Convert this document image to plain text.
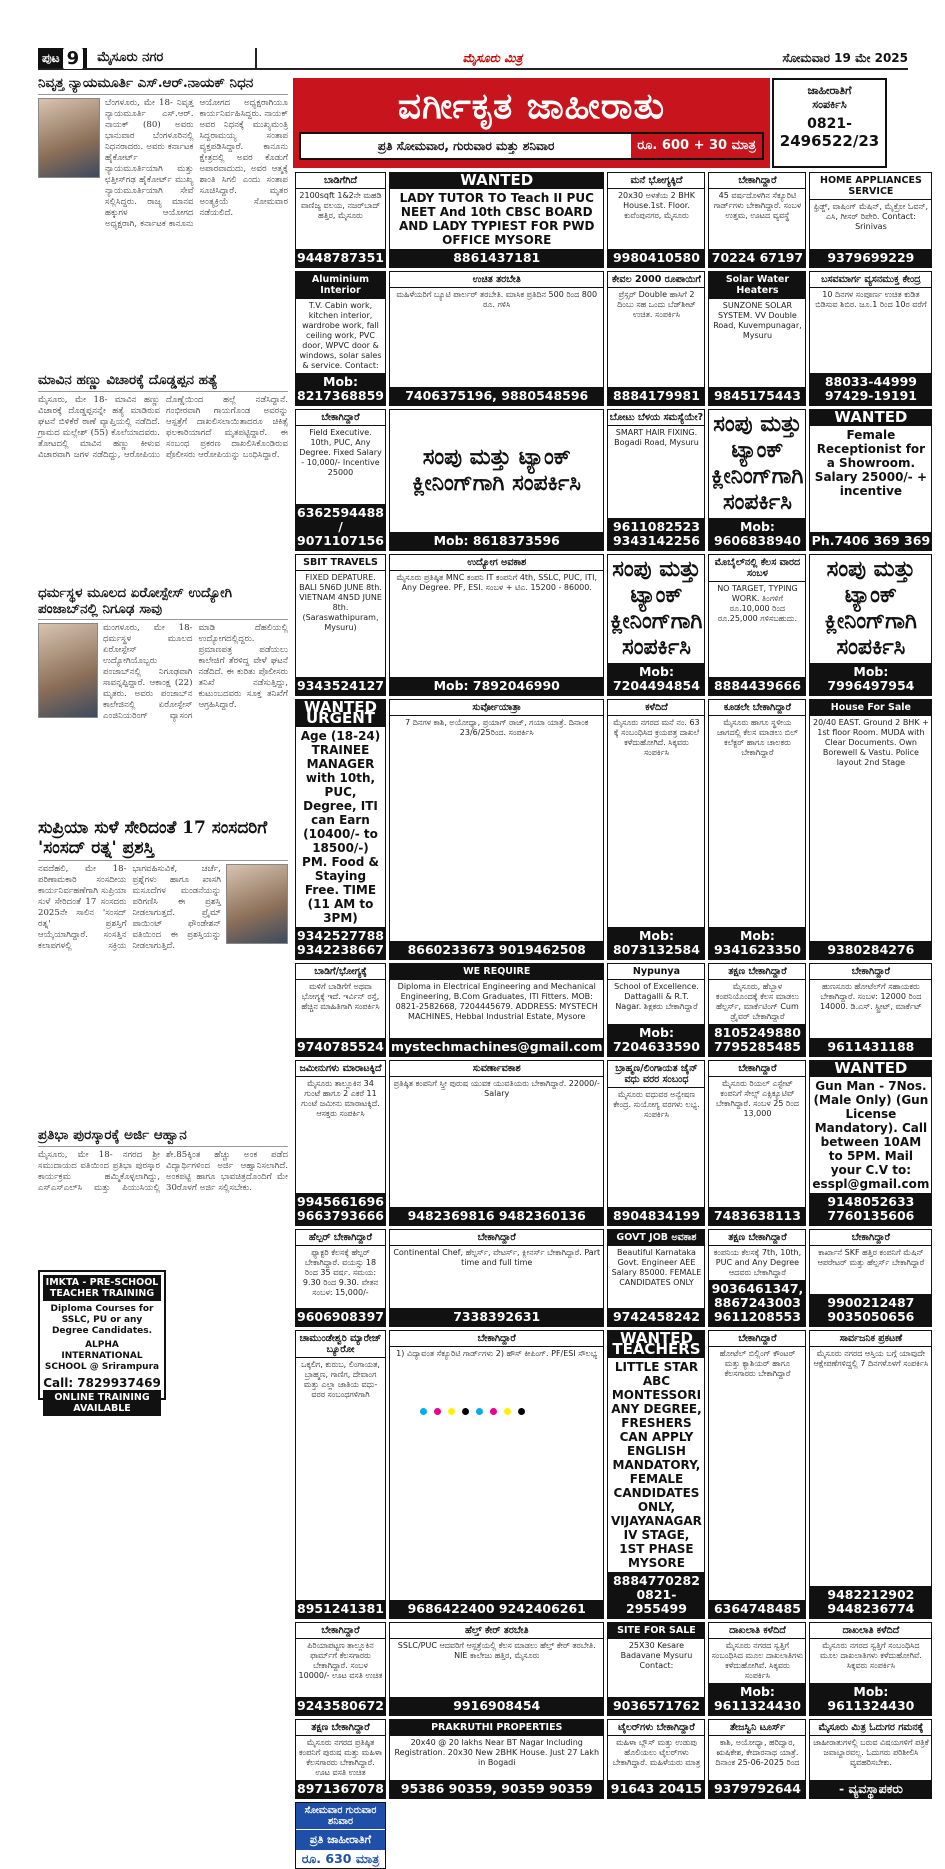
ಪುಟ 9	ಮೈಸೂರು ನಗರ	ಮೈಸೂರು ಮಿತ್ರ	ಸೋಮವಾರ 19 ಮೇ 2025
ನಿವೃತ್ತ ನ್ಯಾಯಮೂರ್ತಿ ಎಸ್.ಆರ್.ನಾಯಕ್ ನಿಧನ

ಬೆಂಗಳೂರು, ಮೇ 18- ನಿವೃತ್ತ ನ್ಯಾಯಮೂರ್ತಿ ಎಸ್.ಆರ್. ನಾಯಕ್ (80) ಅವರು ಭಾನುವಾರ ಬೆಂಗಳೂರಿನಲ್ಲಿ ನಿಧನರಾದರು. ಅವರು ಕರ್ನಾಟಕ ಹೈಕೋರ್ಟ್ ನ್ಯಾಯಮೂರ್ತಿಯಾಗಿ ಮತ್ತು ಛತ್ತೀಸ್‌ಗಢ ಹೈಕೋರ್ಟ್ ಮುಖ್ಯ ನ್ಯಾಯಮೂರ್ತಿಯಾಗಿ ಸೇವೆ ಸಲ್ಲಿಸಿದ್ದರು. ರಾಜ್ಯ ಮಾನವ ಹಕ್ಕುಗಳ ಆಯೋಗದ ಅಧ್ಯಕ್ಷರಾಗಿ, ಕರ್ನಾಟಕ ಕಾನೂನು ಆಯೋಗದ ಅಧ್ಯಕ್ಷರಾಗಿಯೂ ಕಾರ್ಯನಿರ್ವಹಿಸಿದ್ದರು. ನಾಯಕ್ ಅವರ ನಿಧನಕ್ಕೆ ಮುಖ್ಯಮಂತ್ರಿ ಸಿದ್ದರಾಮಯ್ಯ ಸಂತಾಪ ವ್ಯಕ್ತಪಡಿಸಿದ್ದಾರೆ. ಕಾನೂನು ಕ್ಷೇತ್ರದಲ್ಲಿ ಅವರ ಕೊಡುಗೆ ಅಪಾರವಾದುದು, ಅವರ ಆತ್ಮಕ್ಕೆ ಶಾಂತಿ ಸಿಗಲಿ ಎಂದು ಸಂತಾಪ ಸೂಚಿಸಿದ್ದಾರೆ. ಮೃತರ ಅಂತ್ಯಕ್ರಿಯೆ ಸೋಮವಾರ ನಡೆಯಲಿದೆ.

ಮಾವಿನ ಹಣ್ಣು ವಿಚಾರಕ್ಕೆ ದೊಡ್ಡಪ್ಪನ ಹತ್ಯೆ

ಮೈಸೂರು, ಮೇ 18- ಮಾವಿನ ಹಣ್ಣು ವಿಚಾರಕ್ಕೆ ದೊಡ್ಡಪ್ಪನನ್ನೇ ಹತ್ಯೆ ಮಾಡಿರುವ ಘಟನೆ ಬಿಳಿಕೆರೆ ಠಾಣೆ ವ್ಯಾಪ್ತಿಯಲ್ಲಿ ನಡೆದಿದೆ. ಗ್ರಾಮದ ಮಲ್ಲೇಶ್ (55) ಕೊಲೆಯಾದವರು. ತೋಟದಲ್ಲಿ ಮಾವಿನ ಹಣ್ಣು ಕೀಳುವ ವಿಚಾರವಾಗಿ ಜಗಳ ನಡೆದಿದ್ದು, ಆರೋಪಿಯು ದೊಣ್ಣೆಯಿಂದ ಹಲ್ಲೆ ನಡೆಸಿದ್ದಾನೆ. ಗಂಭೀರವಾಗಿ ಗಾಯಗೊಂಡ ಅವರನ್ನು ಆಸ್ಪತ್ರೆಗೆ ದಾಖಲಿಸಲಾಯಿತಾದರೂ ಚಿಕಿತ್ಸೆ ಫಲಕಾರಿಯಾಗದೆ ಮೃತಪಟ್ಟಿದ್ದಾರೆ. ಈ ಸಂಬಂಧ ಪ್ರಕರಣ ದಾಖಲಿಸಿಕೊಂಡಿರುವ ಪೊಲೀಸರು ಆರೋಪಿಯನ್ನು ಬಂಧಿಸಿದ್ದಾರೆ.

ಧರ್ಮಸ್ಥಳ ಮೂಲದ ಏರೋಸ್ಪೇಸ್ ಉದ್ಯೋಗಿ ಪಂಜಾಬ್‌ನಲ್ಲಿ ನಿಗೂಢ ಸಾವು

ಮಂಗಳೂರು, ಮೇ 18- ಧರ್ಮಸ್ಥಳ ಮೂಲದ ಏರೋಸ್ಪೇಸ್ ಉದ್ಯೋಗಿಯೊಬ್ಬರು ಪಂಜಾಬ್‌ನಲ್ಲಿ ನಿಗೂಢವಾಗಿ ಸಾವನ್ನಪ್ಪಿದ್ದಾರೆ. ಆಕಾಂಕ್ಷ (22) ಮೃತರು. ಅವರು ಪಂಜಾಬ್‌ನ ಕಾಲೇಜಿನಲ್ಲಿ ಏರೋಸ್ಪೇಸ್ ಎಂಜಿನಿಯರಿಂಗ್ ವ್ಯಾಸಂಗ ಮಾಡಿ ದೆಹಲಿಯಲ್ಲಿ ಉದ್ಯೋಗದಲ್ಲಿದ್ದರು. ಪ್ರಮಾಣಪತ್ರ ಪಡೆಯಲು ಕಾಲೇಜಿಗೆ ತೆರಳಿದ್ದ ವೇಳೆ ಘಟನೆ ನಡೆದಿದೆ. ಈ ಕುರಿತು ಪೊಲೀಸರು ತನಿಖೆ ನಡೆಸುತ್ತಿದ್ದು, ಕುಟುಂಬದವರು ಸೂಕ್ತ ತನಿಖೆಗೆ ಆಗ್ರಹಿಸಿದ್ದಾರೆ.

ಸುಪ್ರಿಯಾ ಸುಳೆ ಸೇರಿದಂತೆ 17 ಸಂಸದರಿಗೆ 'ಸಂಸದ್ ರತ್ನ' ಪ್ರಶಸ್ತಿ

ನವದೆಹಲಿ, ಮೇ 18- ಪರಿಣಾಮಕಾರಿ ಸಂಸದೀಯ ಕಾರ್ಯನಿರ್ವಹಣೆಗಾಗಿ ಸುಪ್ರಿಯಾ ಸುಳೆ ಸೇರಿದಂತೆ 17 ಸಂಸದರು 2025ನೇ ಸಾಲಿನ 'ಸಂಸದ್ ರತ್ನ' ಪ್ರಶಸ್ತಿಗೆ ಆಯ್ಕೆಯಾಗಿದ್ದಾರೆ. ಸಂಸತ್ತಿನ ಕಲಾಪಗಳಲ್ಲಿ ಸಕ್ರಿಯ ಭಾಗವಹಿಸುವಿಕೆ, ಚರ್ಚೆ, ಪ್ರಶ್ನೆಗಳು ಹಾಗೂ ಖಾಸಗಿ ಮಸೂದೆಗಳ ಮಂಡನೆಯನ್ನು ಪರಿಗಣಿಸಿ ಈ ಪ್ರಶಸ್ತಿ ನೀಡಲಾಗುತ್ತದೆ. ಪ್ರೈಮ್ ಪಾಯಿಂಟ್ ಫೌಂಡೇಶನ್ ವತಿಯಿಂದ ಈ ಪ್ರಶಸ್ತಿಯನ್ನು ನೀಡಲಾಗುತ್ತಿದೆ.

ಪ್ರತಿಭಾ ಪುರಸ್ಕಾರಕ್ಕೆ ಅರ್ಜಿ ಆಹ್ವಾನ

ಮೈಸೂರು, ಮೇ 18- ನಗರದ ಶ್ರೀ ಸಮುದಾಯದ ವತಿಯಿಂದ ಪ್ರತಿಭಾ ಪುರಸ್ಕಾರ ಕಾರ್ಯಕ್ರಮ ಹಮ್ಮಿಕೊಳ್ಳಲಾಗಿದ್ದು, ಎಸ್‌ಎಸ್‌ಎಲ್‌ಸಿ ಮತ್ತು ಪಿಯುಸಿಯಲ್ಲಿ ಶೇ.85ಕ್ಕಿಂತ ಹೆಚ್ಚು ಅಂಕ ಪಡೆದ ವಿದ್ಯಾರ್ಥಿಗಳಿಂದ ಅರ್ಜಿ ಆಹ್ವಾನಿಸಲಾಗಿದೆ. ಅಂಕಪಟ್ಟಿ ಹಾಗೂ ಭಾವಚಿತ್ರದೊಂದಿಗೆ ಮೇ 30ರೊಳಗೆ ಅರ್ಜಿ ಸಲ್ಲಿಸಬೇಕು.

IMKTA - PRE-SCHOOL TEACHER TRAINING
Diploma Courses for SSLC, PU or any Degree Candidates.
ALPHA INTERNATIONAL SCHOOL @ Srirampura
Call: 7829937469
ONLINE TRAINING AVAILABLE
ವರ್ಗೀಕೃತ ಜಾಹೀರಾತು
ಪ್ರತಿ ಸೋಮವಾರ, ಗುರುವಾರ ಮತ್ತು ಶನಿವಾರ	ರೂ. 600 + 30 ಮಾತ್ರ
ಜಾಹೀರಾತಿಗೆ
ಸಂಪರ್ಕಿಸಿ
0821-
2496522/23
ಬಾಡಿಗೆಗಿದೆ
2100sqft 1&2ನೇ ಮಹಡಿ ವಾಣಿಜ್ಯ ವಲಯ, ನಜರ್‌ಬಾದ್ ಹತ್ತಿರ, ಮೈಸೂರು
9448787351
WANTED
LADY TUTOR TO Teach II PUC NEET And 10th CBSC BOARD AND LADY TYPIEST FOR PWD OFFICE MYSORE
8861437181
ಮನೆ ಭೋಗ್ಯಕ್ಕಿದೆ
20x30 ಅಳತೆಯ 2 BHK House.1st. Floor. ಕುವೆಂಪುನಗರ, ಮೈಸೂರು
9980410580
ಬೇಕಾಗಿದ್ದಾರೆ
45 ವರ್ಷದೊಳಗಿನ ಸೆಕ್ಯೂರಿಟಿ ಗಾರ್ಡ್‌ಗಳು ಬೇಕಾಗಿದ್ದಾರೆ. ಸಂಬಳ ಉತ್ತಮ, ಊಟದ ವ್ಯವಸ್ಥೆ
70224 67197
HOME APPLIANCES SERVICE
ಫ್ರಿಡ್ಜ್, ವಾಷಿಂಗ್ ಮೆಷಿನ್, ಮೈಕ್ರೋ ಓವನ್, ಎಸಿ, ಗೀಸರ್ ರಿಪೇರಿ. Contact: Srinivas
9379699229
Aluminium Interior
T.V. Cabin work, kitchen interior, wardrobe work, fall ceiling work, PVC door, WPVC door & windows, solar sales & service. Contact:
Mob: 8217368859
ಉಚಿತ ತರಬೇತಿ
ಮಹಿಳೆಯರಿಗೆ ಬ್ಯೂಟಿ ಪಾರ್ಲರ್ ತರಬೇತಿ. ಮಾಸಿಕ ಪ್ರತಿದಿನ 500 ರಿಂದ 800 ರೂ. ಗಳಿಸಿ
7406375196, 9880548596
ಕೇವಲ 2000 ರೂಪಾಯಿಗೆ
ಪ್ರೆಸ್ಸರ್ Double ಹಾಸಿಗೆ 2 ದಿಂಬು ಸಹ ಒಂದು ಬೆಡ್‌ಶೀಟ್ ಉಚಿತ. ಸಂಪರ್ಕಿಸಿ
8884179981
Solar Water Heaters
SUNZONE SOLAR SYSTEM. VV Double Road, Kuvempunagar, Mysuru
9845175443
ಬಸವಮಾರ್ಗ ವ್ಯಸನಮುಕ್ತ ಕೇಂದ್ರ
10 ದಿನಗಳ ಸಂಪೂರ್ಣ ಉಚಿತ ಕುಡಿತ ಬಿಡಿಸುವ ಶಿಬಿರ. ಜೂ.1 ರಿಂದ 10ರ ವರೆಗೆ
88033-44999 97429-19191
ಬೇಕಾಗಿದ್ದಾರೆ
Field Executive. 10th, PUC, Any Degree. Fixed Salary - 10,000/- Incentive 25000
6362594488 / 9071107156
ಸಂಪು ಮತ್ತು ಟ್ಯಾಂಕ್ ಕ್ಲೀನಿಂಗ್‌ಗಾಗಿ ಸಂಪರ್ಕಿಸಿ
Mob: 8618373596
ಬೋಟು ಬೆಳಯ ಸಮಸ್ಯೆಯೇ?
SMART HAIR FIXING. Bogadi Road, Mysuru
9611082523 9343142256
ಸಂಪು ಮತ್ತು ಟ್ಯಾಂಕ್ ಕ್ಲೀನಿಂಗ್‌ಗಾಗಿ ಸಂಪರ್ಕಿಸಿ
Mob: 9606838940
WANTED
Female Receptionist for a Showroom. Salary 25000/- + incentive
Ph.7406 369 369
SBIT TRAVELS
FIXED DEPATURE. BALI 5N6D JUNE 8th. VIETNAM 4N5D JUNE 8th. (Saraswathipuram, Mysuru)
9343524127
ಉದ್ಯೋಗ ಅವಕಾಶ
ಮೈಸೂರು ಪ್ರತಿಷ್ಠಿತ MNC ಕಂಪನಿ IT ಕಂಪನಿಗೆ 4th, SSLC, PUC, ITI, Any Degree. PF, ESI. ಸಂಬಳ + ಟಿಎ. 15200 - 86000.
Mob: 7892046990
ಸಂಪು ಮತ್ತು ಟ್ಯಾಂಕ್ ಕ್ಲೀನಿಂಗ್‌ಗಾಗಿ ಸಂಪರ್ಕಿಸಿ
Mob: 7204494854
ಮೊಬೈಲ್‌ನಲ್ಲಿ ಕೆಲಸ ವಾರದ ಸಂಬಳ
NO TARGET, TYPING WORK. ತಿಂಗಳಿಗೆ ರೂ.10,000 ರಿಂದ ರೂ.25,000 ಗಳಿಸಬಹುದು.
8884439666
ಸಂಪು ಮತ್ತು ಟ್ಯಾಂಕ್ ಕ್ಲೀನಿಂಗ್‌ಗಾಗಿ ಸಂಪರ್ಕಿಸಿ
Mob: 7996497954
WANTED URGENT
Age (18-24) TRAINEE MANAGER with 10th, PUC, Degree, ITI can Earn (10400/- to 18500/-) PM. Food & Staying Free. TIME (11 AM to 3PM)
9342527788 9342238667
ಸುರ್ವೋಯಾತ್ರಾ
7 ದಿನಗಳ ಕಾಶಿ, ಅಯೋಧ್ಯಾ, ಪ್ರಯಾಗ್ ರಾಜ್, ಗಯಾ ಯಾತ್ರೆ. ದಿನಾಂಕ 23/6/25ರಿಂದ. ಸಂಪರ್ಕಿಸಿ
8660233673 9019462508
ಕಳೆದಿದೆ
ಮೈಸೂರು ನಗರದ ಮನೆ ನಂ. 63 ಕ್ಕೆ ಸಂಬಂಧಿಸಿದ ಕ್ರಯಪತ್ರ ದಾಖಲೆ ಕಳೆದುಹೋಗಿದೆ. ಸಿಕ್ಕವರು ಸಂಪರ್ಕಿಸಿ
Mob: 8073132584
ಕೂಡಲೇ ಬೇಕಾಗಿದ್ದಾರೆ
ಮೈಸೂರು ಹಾಗೂ ಸ್ಥಳೀಯ ಜಾಗದಲ್ಲಿ ಕೆಲಸ ಮಾಡಲು ಬಿಲ್ ಕಲೆಕ್ಟರ್ ಹಾಗೂ ಚಾಲಕರು ಬೇಕಾಗಿದ್ದಾರೆ
Mob: 9341623350
House For Sale
20/40 EAST. Ground 2 BHK + 1st floor Room. MUDA with Clear Documents. Own Borewell & Vastu. Police layout 2nd Stage
9380284276
ಬಾಡಿಗೆ/ಭೋಗ್ಯಕ್ಕೆ
ಮಳಿಗೆ ಬಾಡಿಗೆಗೆ ಅಥವಾ ಭೋಗ್ಯಕ್ಕೆ ಇದೆ. ಇರ್ವಿನ್ ರಸ್ತೆ, ಹೆಚ್ಚಿನ ಮಾಹಿತಿಗಾಗಿ ಸಂಪರ್ಕಿಸಿ
9740785524
WE REQUIRE
Diploma in Electrical Engineering and Mechanical Engineering, B.Com Graduates, ITI Fitters. MOB: 0821-2582668, 7204445679. ADDRESS: MYSTECH MACHINES, Hebbal Industrial Estate, Mysore
mystechmachines@gmail.com
Nypunya
School of Excellence. Dattagalli & R.T. Nagar. ಶಿಕ್ಷಕರು ಬೇಕಾಗಿದ್ದಾರೆ
Mob: 7204633590
ತಕ್ಷಣ ಬೇಕಾಗಿದ್ದಾರೆ
ಮೈಸೂರು, ಹೆಬ್ಬಾಳ ಕಂಪನಿಯೊಂದಕ್ಕೆ ಕೆಲಸ ಮಾಡಲು ಹೆಲ್ಪರ್ಸ್, ಮಾರ್ಕೆಟಿಂಗ್ Cum ಡ್ರೈವರ್ ಬೇಕಾಗಿದ್ದಾರೆ
8105249880 7795285485
ಬೇಕಾಗಿದ್ದಾರೆ
ಹುಣಸೂರು ಹೋಟೆಲ್‌ಗೆ ಸಹಾಯಕರು ಬೇಕಾಗಿದ್ದಾರೆ. ಸಂಬಳ: 12000 ರಿಂದ 14000. ಡಿ.ಎಸ್. ಸ್ಟ್ರೀಟ್, ಮಾರ್ಕೆಟ್
9611431188
ಜಮೀನುಗಳು ಮಾರಾಟಕ್ಕಿದೆ
ಮೈಸೂರು ತಾಲ್ಲೂಕಿನ 34 ಗುಂಟೆ ಹಾಗೂ 2 ಎಕರೆ 11 ಗುಂಟೆ ಜಮೀನು ಮಾರಾಟಕ್ಕಿದೆ. ಆಸಕ್ತರು ಸಂಪರ್ಕಿಸಿ
9945661696 9663793666
ಸುವರ್ಣಾವಕಾಶ
ಪ್ರತಿಷ್ಠಿತ ಕಂಪನಿಗೆ ಸ್ತ್ರೀ ಪುರುಷ ಯುವಕ ಯುವತಿಯರು ಬೇಕಾಗಿದ್ದಾರೆ. 22000/- Salary
9482369816 9482360136
ಬ್ರಾಹ್ಮಣ/ಲಿಂಗಾಯತ ಜೈನ್ ವಧು ವರರ ಸಂಬಂಧ
ಮೈಸೂರು ವಧುವರ ಅನ್ವೇಷಣ ಕೇಂದ್ರ. ಸುಯೋಗ್ಯ ವರಗಳು ಲಭ್ಯ. ಸಂಪರ್ಕಿಸಿ
8904834199
ಬೇಕಾಗಿದ್ದಾರೆ
ಮೈಸೂರು ರಿಯಲ್ ಎಸ್ಟೇಟ್ ಕಂಪನಿಗೆ ಸೇಲ್ಸ್ ಎಕ್ಸಿಕ್ಯೂಟಿವ್ ಬೇಕಾಗಿದ್ದಾರೆ. ಸಂಬಳ 25 ರಿಂದ 13,000
7483638113
WANTED
Gun Man - 7Nos. (Male Only) (Gun License Mandatory). Call between 10AM to 5PM. Mail your C.V to: esspl@gmail.com
9148052633 7760135606
ಹೆಲ್ಪರ್ ಬೇಕಾಗಿದ್ದಾರೆ
ಫ್ಯಾಕ್ಟರಿ ಕೆಲಸಕ್ಕೆ ಹೆಲ್ಪರ್ ಬೇಕಾಗಿದ್ದಾರೆ. ವಯಸ್ಸು 18 ರಿಂದ 35 ವರ್ಷ. ಸಮಯ: 9.30 ರಿಂದ 9.30. ವೇತನ ಸಂಬಳ: 15,000/-
9606908397
ಬೇಕಾಗಿದ್ದಾರೆ
Continental Chef, ಹೆಲ್ಪರ್ಸ್, ವೇಟರ್ಸ್, ಕ್ಲೀನರ್ಸ್ ಬೇಕಾಗಿದ್ದಾರೆ. Part time and full time
7338392631
GOVT JOB ಅವಕಾಶ
Beautiful Karnataka Govt. Engineer AEE Salary 85000. FEMALE CANDIDATES ONLY
9742458242
ತಕ್ಷಣ ಬೇಕಾಗಿದ್ದಾರೆ
ಕಂಪನಿಯ ಕೆಲಸಕ್ಕೆ 7th, 10th, PUC and Any Degree ಆದವರು ಬೇಕಾಗಿದ್ದಾರೆ
9036461347, 8867243003 9611208553
ಬೇಕಾಗಿದ್ದಾರೆ
ಕಾರ್ಖಾನೆ SKF ಹತ್ತಿರ ಕಂಪನಿಗೆ ಮೆಷಿನ್ ಆಪರೇಟರ್ ಮತ್ತು ಹೆಲ್ಪರ್ಸ್ ಬೇಕಾಗಿದ್ದಾರೆ
9900212487 9035050656
ಚಾಮುಂಡೇಶ್ವರಿ ಮ್ಯಾರೇಜ್ ಬ್ಯೂರೋ
ಒಕ್ಕಲಿಗ, ಕುರುಬ, ಲಿಂಗಾಯತ, ಬ್ರಾಹ್ಮಣ, ಗಾಣಿಗ, ದೇವಾಂಗ ಮತ್ತು ಎಲ್ಲಾ ಜಾತಿಯ ವಧು-ವರರ ಸಂಬಂಧಗಳಿಗಾಗಿ
8951241381
ಬೇಕಾಗಿದ್ದಾರೆ
1) ವಿದ್ಯಾವಂತ ಸೆಕ್ಯೂರಿಟಿ ಗಾರ್ಡ್‌ಗಳು 2) ಹೌಸ್ ಕೀಪಿಂಗ್. PF/ESI ಸೌಲಭ್ಯ
9686422400 9242406261
WANTED TEACHERS
LITTLE STAR ABC MONTESSORI ANY DEGREE, FRESHERS CAN APPLY ENGLISH MANDATORY, FEMALE CANDIDATES ONLY, VIJAYANAGAR IV STAGE, 1ST PHASE MYSORE
8884770282 0821-2955499
ಬೇಕಾಗಿದ್ದಾರೆ
ಹೋಟೆಲ್ ಬಿಲ್ಲಿಂಗ್ ಕೌಂಟರ್ ಮತ್ತು ಕ್ಯಾಶಿಯರ್ ಹಾಗೂ ಕೆಲಸಗಾರರು ಬೇಕಾಗಿದ್ದಾರೆ
6364748485
ಸಾರ್ವಜನಿಕ ಪ್ರಕಟಣೆ
ಮೈಸೂರು ನಗರದ ಆಸ್ತಿಯ ಬಗ್ಗೆ ಯಾವುದೇ ಆಕ್ಷೇಪಣೆಗಳಿದ್ದಲ್ಲಿ 7 ದಿನಗಳೊಳಗೆ ಸಂಪರ್ಕಿಸಿ
9482212902 9448236774
ಬೇಕಾಗಿದ್ದಾರೆ
ಪಿರಿಯಾಪಟ್ಟಣ ತಾಲ್ಲೂಕಿನ ಫಾರ್ಮ್‌ಗೆ ಕೆಲಸಗಾರರು ಬೇಕಾಗಿದ್ದಾರೆ. ಸಂಬಳ 10000/- ಊಟ ವಸತಿ ಉಚಿತ
9243580672
ಹೆಲ್ತ್ ಕೇರ್ ತರಬೇತಿ
SSLC/PUC ಆದವರಿಗೆ ಆಸ್ಪತ್ರೆಯಲ್ಲಿ ಕೆಲಸ ಮಾಡಲು ಹೆಲ್ತ್ ಕೇರ್ ತರಬೇತಿ. NIE ಕಾಲೇಜು ಹತ್ತಿರ, ಮೈಸೂರು
9916908454
SITE FOR SALE
25X30 Kesare Badavane Mysuru Contact:
9036571762
ದಾಖಲಾತಿ ಕಳೆದಿದೆ
ಮೈಸೂರು ನಗರದ ಸ್ವತ್ತಿಗೆ ಸಂಬಂಧಿಸಿದ ಮೂಲ ದಾಖಲಾತಿಗಳು ಕಳೆದುಹೋಗಿವೆ. ಸಿಕ್ಕವರು ಸಂಪರ್ಕಿಸಿ
Mob: 9611324430
ದಾಖಲಾತಿ ಕಳೆದಿದೆ
ಮೈಸೂರು ನಗರದ ಸ್ವತ್ತಿಗೆ ಸಂಬಂಧಿಸಿದ ಮೂಲ ದಾಖಲಾತಿಗಳು ಕಳೆದುಹೋಗಿವೆ. ಸಿಕ್ಕವರು ಸಂಪರ್ಕಿಸಿ
Mob: 9611324430
ತಕ್ಷಣ ಬೇಕಾಗಿದ್ದಾರೆ
ಮೈಸೂರು ನಗರದ ಪ್ರತಿಷ್ಠಿತ ಕಂಪನಿಗೆ ಪುರುಷ ಮತ್ತು ಮಹಿಳಾ ಕೆಲಸಗಾರರು ಬೇಕಾಗಿದ್ದಾರೆ. ಊಟ ವಸತಿ ಉಚಿತ
8971367078
PRAKRUTHI PROPERTIES
20x40 @ 20 lakhs Near BT Nagar Including Registration. 20x30 New 2BHK House. Just 27 Lakh in Bogadi
95386 90359, 90359 90359
ಟೈಲರ್‌ಗಳು ಬೇಕಾಗಿದ್ದಾರೆ
ಮಹಿಳಾ ಬ್ಲೌಸ್ ಮತ್ತು ಉಡುಪು ಹೊಲಿಯಲು ಟೈಲರ್‌ಗಳು ಬೇಕಾಗಿದ್ದಾರೆ. ಮಹಿಳೆಯರು ಮಾತ್ರ
91643 20415
ತೇಜಸ್ವಿನಿ ಟೂರ್ಸ್
ಕಾಶಿ, ಅಯೋಧ್ಯಾ, ಹರಿದ್ವಾರ, ಋಷಿಕೇಶ, ಕೇದಾರನಾಥ ಯಾತ್ರೆ. ದಿನಾಂಕ 25-06-2025 ರಿಂದ
9379792644
ಮೈಸೂರು ಮಿತ್ರ ಓದುಗರ ಗಮನಕ್ಕೆ
ಜಾಹೀರಾತುಗಳಲ್ಲಿ ಬರುವ ವಿಷಯಗಳಿಗೆ ಪತ್ರಿಕೆ ಜವಾಬ್ದಾರವಲ್ಲ. ಓದುಗರು ಪರಿಶೀಲಿಸಿ ವ್ಯವಹರಿಸಬೇಕು.
- ವ್ಯವಸ್ಥಾಪಕರು
ಸೋಮವಾರ ಗುರುವಾರ ಶನಿವಾರ
ಪ್ರತಿ ಜಾಹೀರಾತಿಗೆ
ರೂ. 630 ಮಾತ್ರ
